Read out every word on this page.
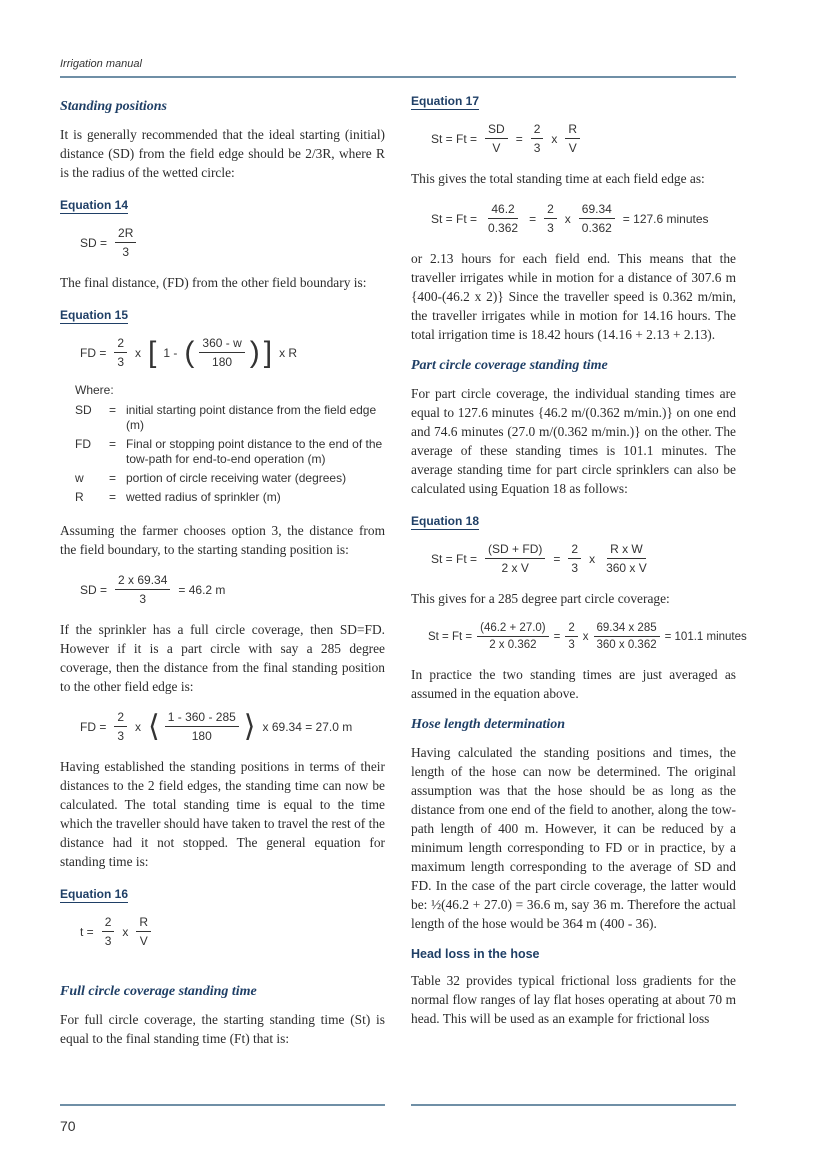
Irrigation manual
Standing positions

It is generally recommended that the ideal starting (initial) distance (SD) from the field edge should be 2/3R, where R is the radius of the wetted circle:

Equation 14
SD = $\frac{2R}{3}$

The final distance, (FD) from the other field boundary is:

Equation 15
FD = $\frac{2}{3}$ x [ 1 - ( $\frac{360 - w}{180}$ ) ] x R
Where:
SD	= initial starting point distance from the field edge (m)
FD	= Final or stopping point distance to the end of the tow-path for end-to-end operation (m)
w	= portion of circle receiving water (degrees)
R	= wetted radius of sprinkler (m)

Assuming the farmer chooses option 3, the distance from the field boundary, to the starting standing position is:

SD = $\frac{2 x 69.34}{3} = 46.2$ m

If the sprinkler has a full circle coverage, then SD=FD. However if it is a part circle with say a 285 degree coverage, then the distance from the final standing position to the other field edge is:

FD = $\frac{2}{3}$ x ⟨ $\frac{1 - 360 - 285}{180}$ ⟩ x 69.34 = 27.0 m

Having established the standing positions in terms of their distances to the 2 field edges, the standing time can now be calculated. The total standing time is equal to the time which the traveller should have taken to travel the rest of the distance had it not stopped. The general equation for standing time is:

Equation 16
$t = \frac{2}{3}$ x $\frac{R}{V}$
Full circle coverage standing time

For full circle coverage, the starting standing time (St) is equal to the final standing time (Ft) that is:

Equation 17
$St = Ft = \frac{SD}{V} = \frac{2}{3}$ x $\frac{R}{V}$

This gives the total standing time at each field edge as:

$St = Ft = \frac{46.2}{0.362} = \frac{2}{3}$ x $\frac{69.34}{0.362} = 127.6$ minutes

or 2.13 hours for each field end. This means that the traveller irrigates while in motion for a distance of 307.6 m {400-(46.2 x 2)} Since the traveller speed is 0.362 m/min, the traveller irrigates while in motion for 14.16 hours. The total irrigation time is 18.42 hours (14.16 + 2.13 + 2.13).

Part circle coverage standing time

For part circle coverage, the individual standing times are equal to 127.6 minutes {46.2 m/(0.362 m/min.)} on one end and 74.6 minutes (27.0 m/(0.362 m/min.)} on the other. The average of these standing times is 101.1 minutes. The average standing time for part circle sprinklers can also be calculated using Equation 18 as follows:

Equation 18
$St = Ft = \frac{(SD + FD)}{\text{2 x V}} = \frac{2}{3}$ x $\frac{\text{R x W}}{\text{360 x V}}$

This gives for a 285 degree part circle coverage:

$St = Ft = \frac{(46.2 + 27.0)}{2 x 0.362} = \frac{2}{3}$ x $\frac{69.34 x 285}{360 x 0.362} = 101.1$ minutes

In practice the two standing times are just averaged as assumed in the equation above.

Hose length determination

Having calculated the standing positions and times, the length of the hose can now be determined. The original assumption was that the hose should be as long as the distance from one end of the field to another, along the tow-path length of 400 m. However, it can be reduced by a minimum length corresponding to FD or in practice, by a maximum length corresponding to the average of SD and FD. In the case of the part circle coverage, the latter would be: ½(46.2 + 27.0) = 36.6 m, say 36 m. Therefore the actual length of the hose would be 364 m (400 - 36).

Head loss in the hose

Table 32 provides typical frictional loss gradients for the normal flow ranges of lay flat hoses operating at about 70 m head. This will be used as an example for frictional loss

70
